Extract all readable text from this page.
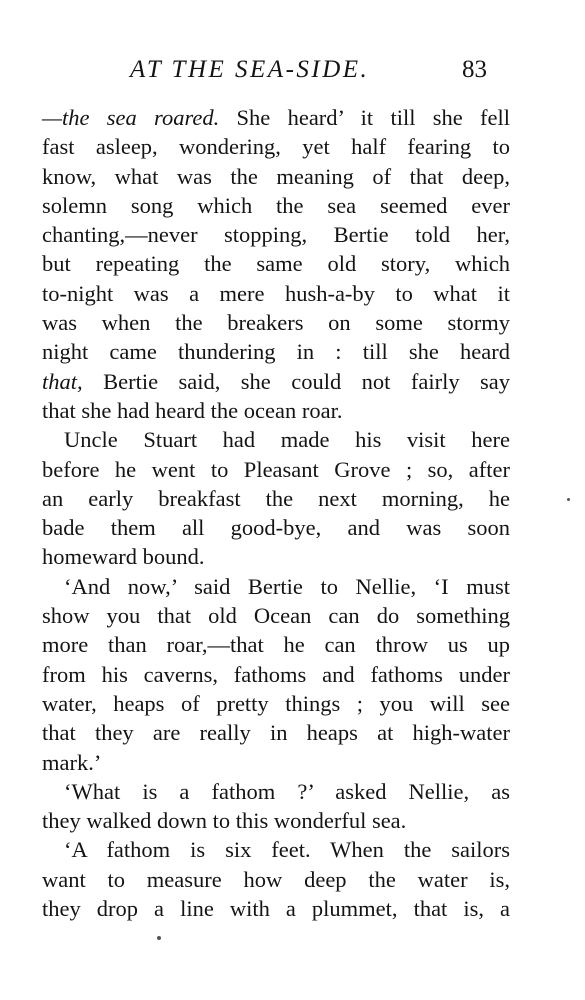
AT THE SEA-SIDE.	83
—the sea roared. She heard’ it till she fell
fast asleep, wondering, yet half fearing to
know, what was the meaning of that deep,
solemn song which the sea seemed ever
chanting,—never stopping, Bertie told her,
but repeating the same old story, which
to-night was a mere hush-a-by to what it
was when the breakers on some stormy
night came thundering in : till she heard
that, Bertie said, she could not fairly say
that she had heard the ocean roar.
Uncle Stuart had made his visit here
before he went to Pleasant Grove ; so, after
an early breakfast the next morning, he
bade them all good-bye, and was soon
homeward bound.
‘And now,’ said Bertie to Nellie, ‘I must
show you that old Ocean can do something
more than roar,—that he can throw us up
from his caverns, fathoms and fathoms under
water, heaps of pretty things ; you will see
that they are really in heaps at high-water
mark.’
‘What is a fathom ?’ asked Nellie, as
they walked down to this wonderful sea.
‘A fathom is six feet. When the sailors
want to measure how deep the water is,
they drop a line with a plummet, that is, a
